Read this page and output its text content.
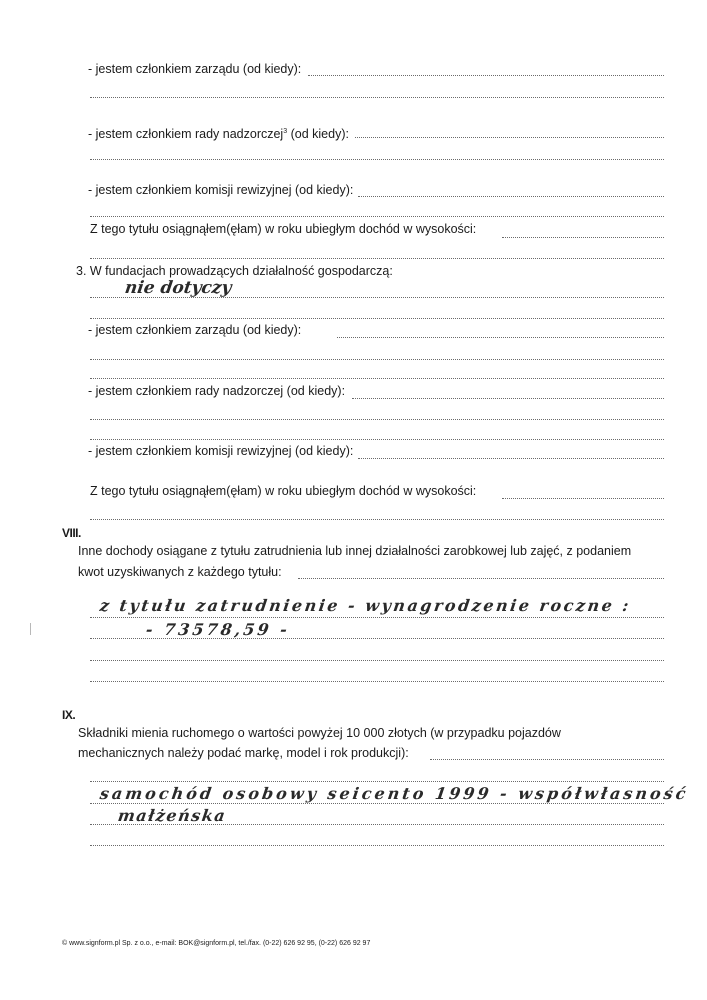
- jestem członkiem zarządu (od kiedy):
- jestem członkiem rady nadzorczej$^3$ (od kiedy):
- jestem członkiem komisji rewizyjnej (od kiedy):
Z tego tytułu osiągnąłem(ęłam) w roku ubiegłym dochód w wysokości:
3. W fundacjach prowadzących działalność gospodarczą:
nie dotyczy
- jestem członkiem zarządu (od kiedy):
- jestem członkiem rady nadzorczej (od kiedy):
- jestem członkiem komisji rewizyjnej (od kiedy):
Z tego tytułu osiągnąłem(ęłam) w roku ubiegłym dochód w wysokości:
VIII.
Inne dochody osiągane z tytułu zatrudnienia lub innej działalności zarobkowej lub zajęć, z podaniem
kwot uzyskiwanych z każdego tytułu:
z tytułu zatrudnienie - wynagrodzenie roczne :
- 73578,59 -
IX.
Składniki mienia ruchomego o wartości powyżej 10 000 złotych (w przypadku pojazdów
mechanicznych należy podać markę, model i rok produkcji):
samochód osobowy seicento 1999 - współwłasność
małżeńska
© www.signform.pl Sp. z o.o., e-mail: BOK@signform.pl, tel./fax. (0-22) 626 92 95, (0-22) 626 92 97
